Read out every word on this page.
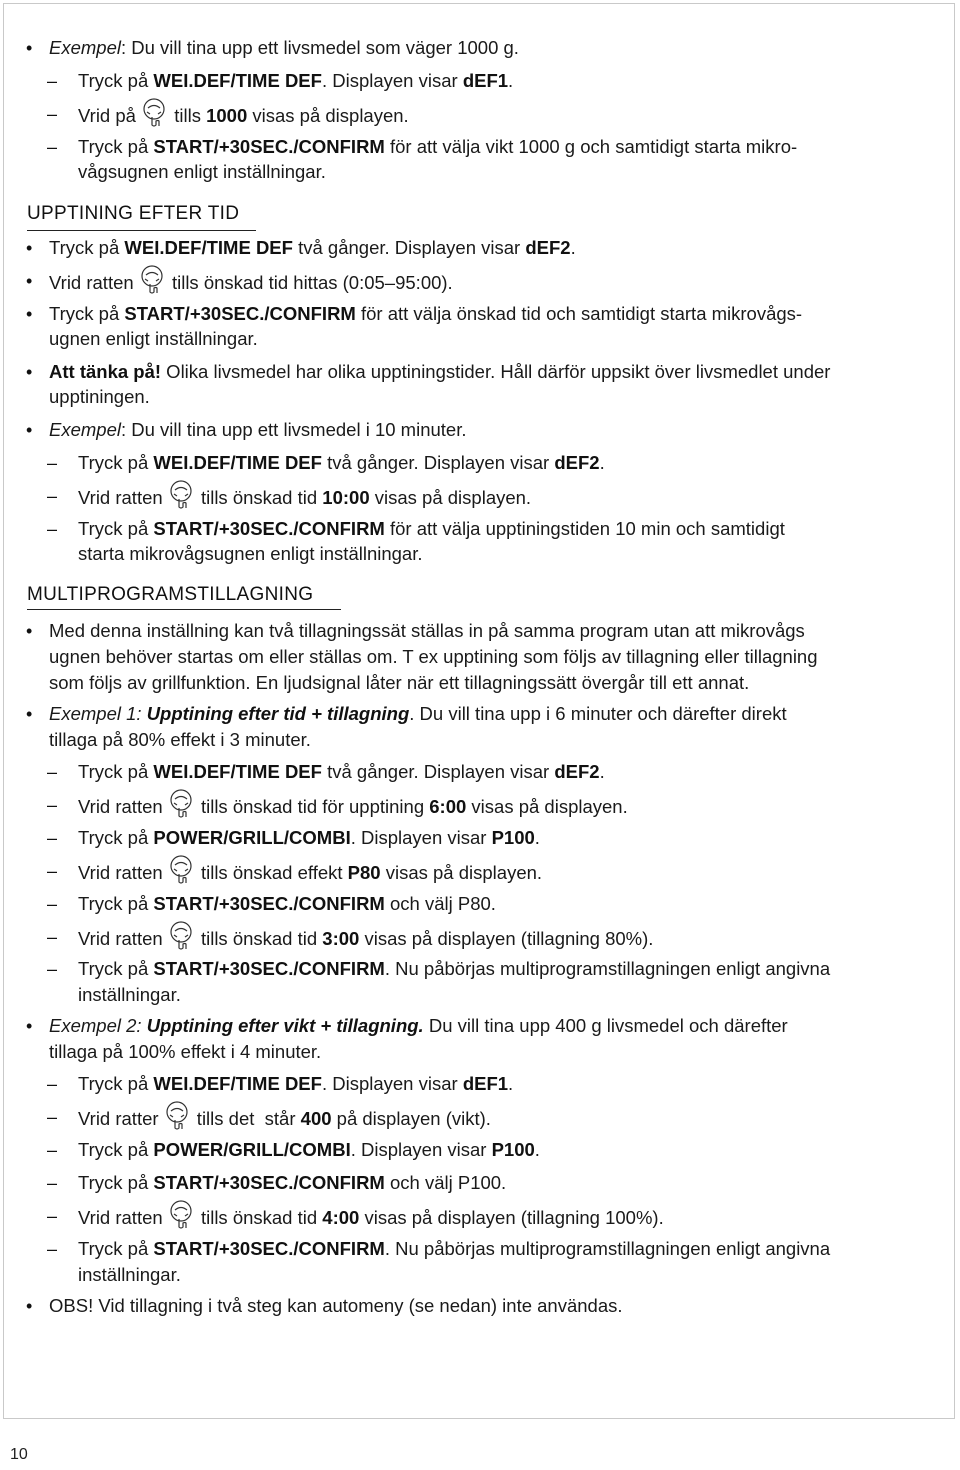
UPPTINING EFTER TID
MULTIPROGRAMSTILLAGNING
• Exempel: Du vill tina upp ett livsmedel som väger 1000 g.
– Tryck på WEI.DEF/TIME DEF. Displayen visar dEF1.
– Vrid på
tills 1000 visas på displayen.
– Tryck på START/+30SEC./CONFIRM för att välja vikt 1000 g och samtidigt starta mikro-
vågsugnen enligt inställningar.
• Tryck på WEI.DEF/TIME DEF två gånger. Displayen visar dEF2.
• Vrid ratten
tills önskad tid hittas (0:05–95:00).
• Tryck på START/+30SEC./CONFIRM för att välja önskad tid och samtidigt starta mikrovågs-
ugnen enligt inställningar.
• Att tänka på! Olika livsmedel har olika upptiningstider. Håll därför uppsikt över livsmedlet under
upptiningen.
• Exempel: Du vill tina upp ett livsmedel i 10 minuter.
– Tryck på WEI.DEF/TIME DEF två gånger. Displayen visar dEF2.
– Vrid ratten
tills önskad tid 10:00 visas på displayen.
– Tryck på START/+30SEC./CONFIRM för att välja upptiningstiden 10 min och samtidigt
starta mikrovågsugnen enligt inställningar.
• Med denna inställning kan två tillagningssät ställas in på samma program utan att mikrovågs
ugnen behöver startas om eller ställas om. T ex upptining som följs av tillagning eller tillagning
som följs av grillfunktion. En ljudsignal låter när ett tillagningssätt övergår till ett annat.
• Exempel 1: Upptining efter tid + tillagning. Du vill tina upp i 6 minuter och därefter direkt
tillaga på 80% effekt i 3 minuter.
– Tryck på WEI.DEF/TIME DEF två gånger. Displayen visar dEF2.
– Vrid ratten
tills önskad tid för upptining 6:00 visas på displayen.
– Tryck på POWER/GRILL/COMBI. Displayen visar P100.
– Vrid ratten
tills önskad effekt P80 visas på displayen.
– Tryck på START/+30SEC./CONFIRM och välj P80.
– Vrid ratten
tills önskad tid 3:00 visas på displayen (tillagning 80%).
– Tryck på START/+30SEC./CONFIRM. Nu påbörjas multiprogramstillagningen enligt angivna
inställningar.
• Exempel 2: Upptining efter vikt + tillagning. Du vill tina upp 400 g livsmedel och därefter
tillaga på 100% effekt i 4 minuter.
– Tryck på WEI.DEF/TIME DEF. Displayen visar dEF1.
– Vrid ratter
tills det  står 400 på displayen (vikt).
– Tryck på POWER/GRILL/COMBI. Displayen visar P100.
– Tryck på START/+30SEC./CONFIRM och välj P100.
– Vrid ratten
tills önskad tid 4:00 visas på displayen (tillagning 100%).
– Tryck på START/+30SEC./CONFIRM. Nu påbörjas multiprogramstillagningen enligt angivna
inställningar.
• OBS! Vid tillagning i två steg kan automeny (se nedan) inte användas.
10
